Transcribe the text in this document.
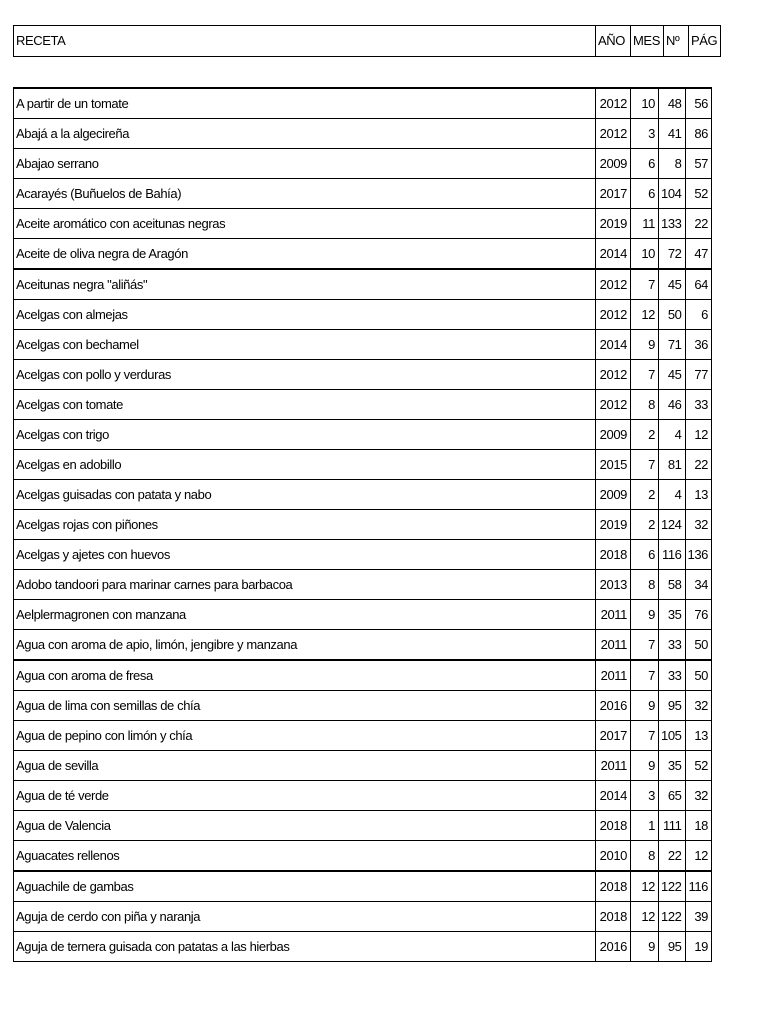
RECETA	AÑO	MES	Nº	PÁG
A partir de un tomate	2012	10	48	56
Abajá a la algecireña	2012	3	41	86
Abajao serrano	2009	6	8	57
Acarayés (Buñuelos de Bahía)	2017	6	104	52
Aceite aromático con aceitunas negras	2019	11	133	22
Aceite de oliva negra de Aragón	2014	10	72	47
Aceitunas negra "aliñás"	2012	7	45	64
Acelgas con almejas	2012	12	50	6
Acelgas con bechamel	2014	9	71	36
Acelgas con pollo y verduras	2012	7	45	77
Acelgas con tomate	2012	8	46	33
Acelgas con trigo	2009	2	4	12
Acelgas en adobillo	2015	7	81	22
Acelgas guisadas con patata y nabo	2009	2	4	13
Acelgas rojas con piñones	2019	2	124	32
Acelgas y ajetes con huevos	2018	6	116	136
Adobo tandoori para marinar carnes para barbacoa	2013	8	58	34
Aelplermagronen con manzana	2011	9	35	76
Agua con aroma de apio, limón, jengibre y manzana	2011	7	33	50
Agua con aroma de fresa	2011	7	33	50
Agua de lima con semillas de chía	2016	9	95	32
Agua de pepino con limón y chía	2017	7	105	13
Agua de sevilla	2011	9	35	52
Agua de té verde	2014	3	65	32
Agua de Valencia	2018	1	111	18
Aguacates rellenos	2010	8	22	12
Aguachile de gambas	2018	12	122	116
Aguja de cerdo con piña y naranja	2018	12	122	39
Aguja de ternera guisada con patatas a las hierbas	2016	9	95	19
